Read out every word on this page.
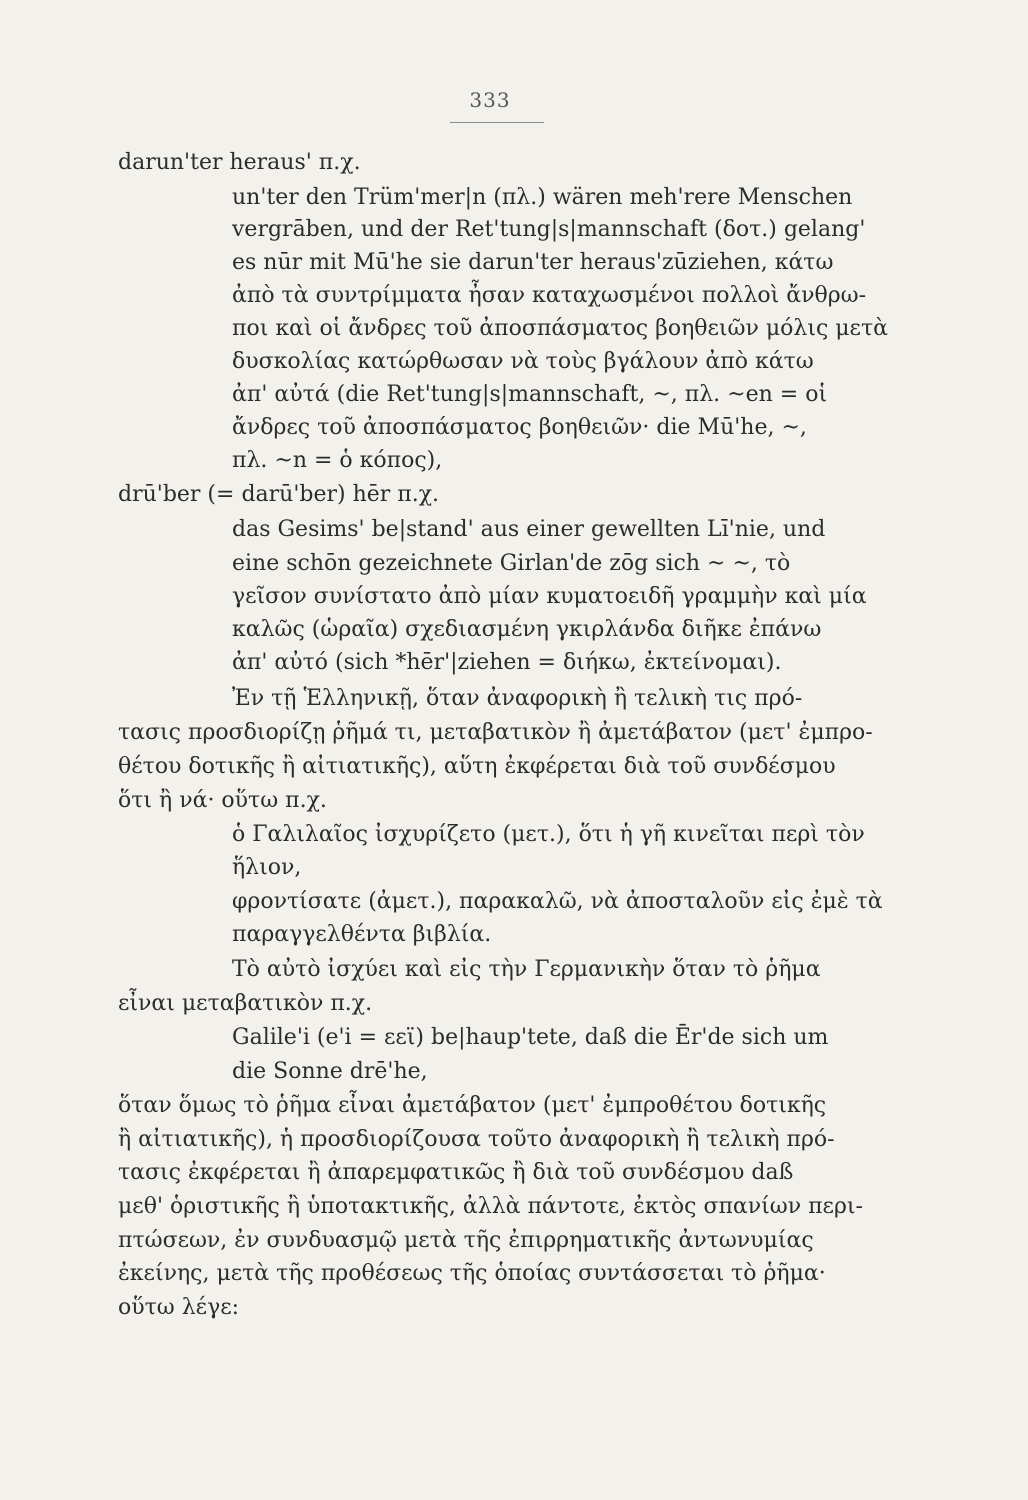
333
darun'ter heraus' π.χ.
un'ter den Trüm'mer|n (πλ.) wären meh'rere Menschen
vergrāben, und der Ret'tung|s|mannschaft (δοτ.) gelang'
es nūr mit Mū'he sie darun'ter heraus'zūziehen, κάτω
ἀπὸ τὰ συντρίμματα ἦσαν καταχωσμένοι πολλοὶ ἄνθρω-
ποι καὶ οἱ ἄνδρες τοῦ ἀποσπάσματος βοηθειῶν μόλις μετὰ
δυσκολίας κατώρθωσαν νὰ τοὺς βγάλουν ἀπὸ κάτω
ἀπ' αὐτά (die Ret'tung|s|mannschaft, ~, πλ. ~en = οἱ
ἄνδρες τοῦ ἀποσπάσματος βοηθειῶν· die Mū'he, ~,
πλ. ~n = ὁ κόπος),
drū'ber (= darū'ber) hēr π.χ.
das Gesims' be|stand' aus einer gewellten Lī'nie, und
eine schōn gezeichnete Girlan'de zōg sich ~ ~, τὸ
γεῖσον συνίστατο ἀπὸ μίαν κυματοειδῆ γραμμὴν καὶ μία
καλῶς (ὡραῖα) σχεδιασμένη γκιρλάνδα διῆκε ἐπάνω
ἀπ' αὐτό (sich *hēr'|ziehen = διήκω, ἐκτείνομαι).
Ἐν τῇ Ἑλληνικῇ, ὅταν ἀναφορικὴ ἢ τελικὴ τις πρό-
τασις προσδιορίζῃ ῥῆμά τι, μεταβατικὸν ἢ ἀμετάβατον (μετ' ἐμπρο-
θέτου δοτικῆς ἢ αἰτιατικῆς), αὕτη ἐκφέρεται διὰ τοῦ συνδέσμου
ὅτι ἢ νά· οὕτω π.χ.
ὁ Γαλιλαῖος ἰσχυρίζετο (μετ.), ὅτι ἡ γῆ κινεῖται περὶ τὸν
ἥλιον,
φροντίσατε (ἀμετ.), παρακαλῶ, νὰ ἀποσταλοῦν εἰς ἐμὲ τὰ
παραγγελθέντα βιβλία.
Τὸ αὐτὸ ἰσχύει καὶ εἰς τὴν Γερμανικὴν ὅταν τὸ ῥῆμα
εἶναι μεταβατικὸν π.χ.
Galile'i (e'i = εεϊ) be|haup'tete, daß die Ēr'de sich um
die Sonne drē'he,
ὅταν ὅμως τὸ ῥῆμα εἶναι ἀμετάβατον (μετ' ἐμπροθέτου δοτικῆς
ἢ αἰτιατικῆς), ἡ προσδιορίζουσα τοῦτο ἀναφορικὴ ἢ τελικὴ πρό-
τασις ἐκφέρεται ἢ ἀπαρεμφατικῶς ἢ διὰ τοῦ συνδέσμου daß
μεθ' ὁριστικῆς ἢ ὑποτακτικῆς, ἀλλὰ πάντοτε, ἐκτὸς σπανίων περι-
πτώσεων, ἐν συνδυασμῷ μετὰ τῆς ἐπιρρηματικῆς ἀντωνυμίας
ἐκείνης, μετὰ τῆς προθέσεως τῆς ὁποίας συντάσσεται τὸ ῥῆμα·
οὕτω λέγε:
